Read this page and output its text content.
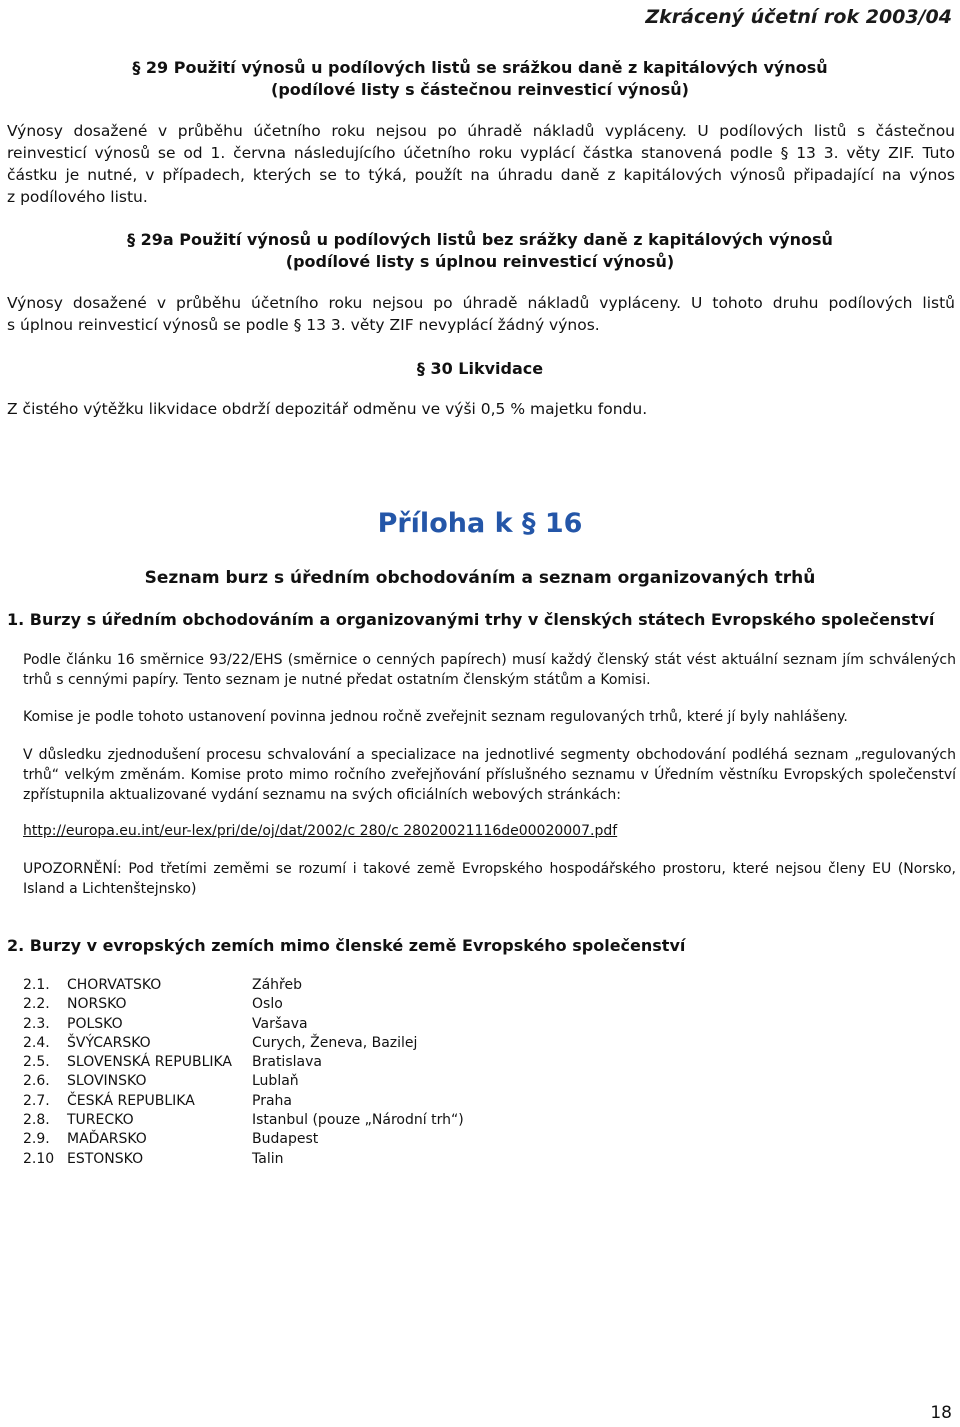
Zkrácený účetní rok 2003/04
§ 29 Použití výnosů u podílových listů se srážkou daně z kapitálových výnosů
(podílové listy s částečnou reinvesticí výnosů)
Výnosy dosažené v průběhu účetního roku nejsou po úhradě nákladů vypláceny. U podílových listů s částečnou
reinvesticí výnosů se od 1. června následujícího účetního roku vyplácí částka stanovená podle § 13 3. věty ZIF. Tuto
částku je nutné, v případech, kterých se to týká, použít na úhradu daně z kapitálových výnosů připadající na výnos
z podílového listu.
§ 29a Použití výnosů u podílových listů bez srážky daně z kapitálových výnosů
(podílové listy s úplnou reinvesticí výnosů)
Výnosy dosažené v průběhu účetního roku nejsou po úhradě nákladů vypláceny. U tohoto druhu podílových listů
s úplnou reinvesticí výnosů se podle § 13 3. věty ZIF nevyplácí žádný výnos.
§ 30 Likvidace
Z čistého výtěžku likvidace obdrží depozitář odměnu ve výši 0,5 % majetku fondu.
Příloha k § 16
Seznam burz s úředním obchodováním a seznam organizovaných trhů
1. Burzy s úředním obchodováním a organizovanými trhy v členských státech Evropského společenství
Podle článku 16 směrnice 93/22/EHS (směrnice o cenných papírech) musí každý členský stát vést aktuální seznam jím schválených
trhů s cennými papíry. Tento seznam je nutné předat ostatním členským státům a Komisi.
Komise je podle tohoto ustanovení povinna jednou ročně zveřejnit seznam regulovaných trhů, které jí byly nahlášeny.
V důsledku zjednodušení procesu schvalování a specializace na jednotlivé segmenty obchodování podléhá seznam „regulovaných
trhů“ velkým změnám. Komise proto mimo ročního zveřejňování příslušného seznamu v Úředním věstníku Evropských společenství
zpřístupnila aktualizované vydání seznamu na svých oficiálních webových stránkách:
http://europa.eu.int/eur-lex/pri/de/oj/dat/2002/c 280/c 28020021116de00020007.pdf
UPOZORNĚNÍ: Pod třetími zeměmi se rozumí i takové země Evropského hospodářského prostoru, které nejsou členy EU (Norsko,
Island a Lichtenštejnsko)
2. Burzy v evropských zemích mimo členské země Evropského společenství
2.1.	CHORVATSKO	Záhřeb
2.2.	NORSKO	Oslo
2.3.	POLSKO	Varšava
2.4.	ŠVÝCARSKO	Curych, Ženeva, Bazilej
2.5.	SLOVENSKÁ REPUBLIKA	Bratislava
2.6.	SLOVINSKO	Lublaň
2.7.	ČESKÁ REPUBLIKA	Praha
2.8.	TURECKO	Istanbul (pouze „Národní trh“)
2.9.	MAĎARSKO	Budapest
2.10 ESTONSKO	Talin
18
